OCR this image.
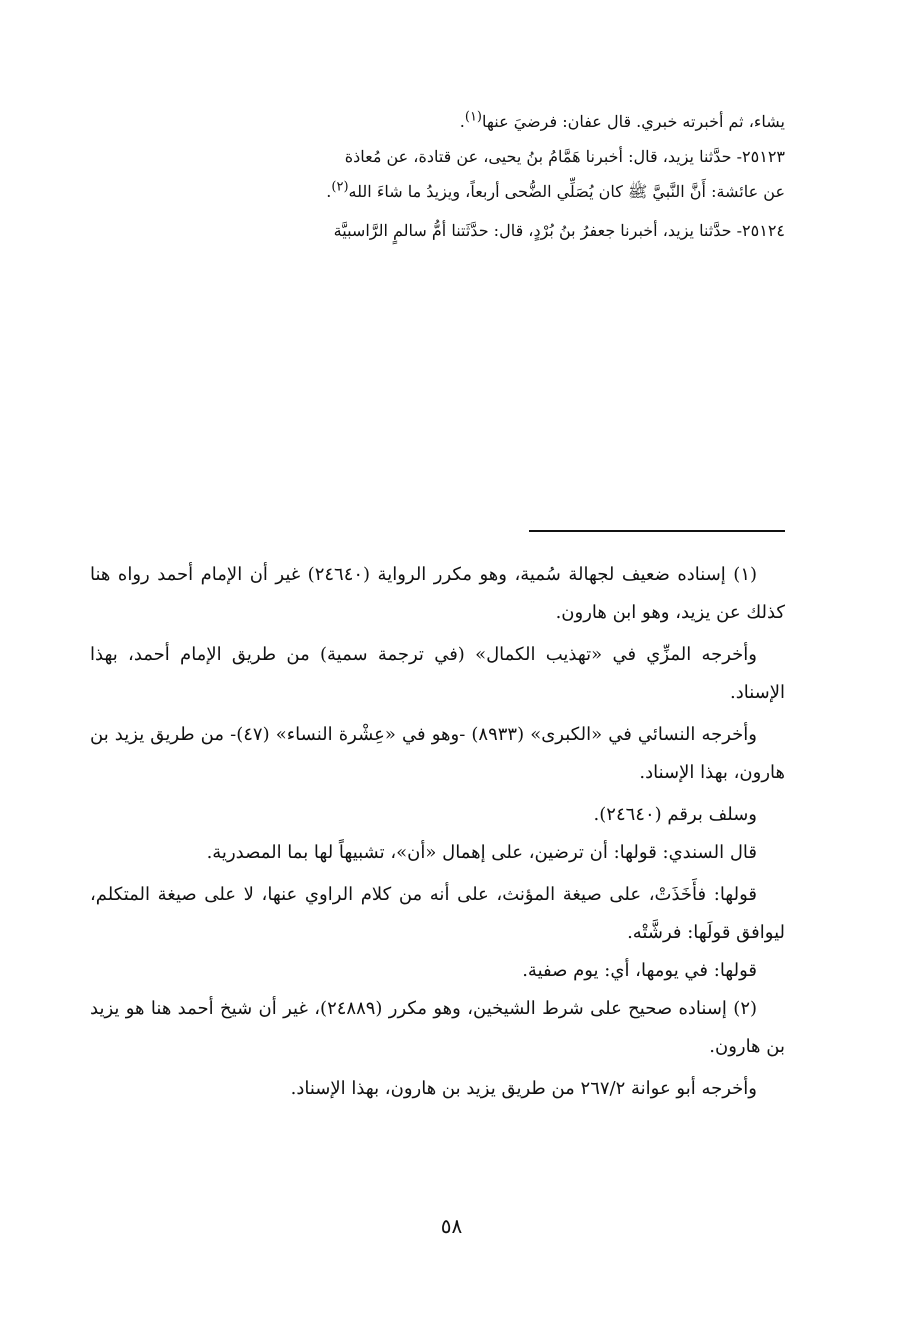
يشاء، ثم أخبرته خبري. قال عفان: فرضيَ عنها$^{(١)}$.

٢٥١٢٣- حدَّثنا يزيد، قال: أخبرنا هَمَّامُ بنُ يحيى، عن قتادة، عن مُعاذة

عن عائشة: أَنَّ النَّبيَّ ﷺ كان يُصَلِّي الضُّحى أربعاً، ويزيدُ ما شاءَ الله$^{(٢)}$.

٢٥١٢٤- حدَّثنا يزيد، أخبرنا جعفرُ بنُ بُرْدٍ، قال: حدَّثَتنا أمُّ سالمٍ الرَّاسبيَّة

(١) إسناده ضعيف لجهالة سُمية، وهو مكرر الرواية (٢٤٦٤٠) غير أن الإمام أحمد رواه هنا كذلك عن يزيد، وهو ابن هارون.

وأخرجه المزِّي في «تهذيب الكمال» (في ترجمة سمية) من طريق الإمام أحمد، بهذا الإسناد.

وأخرجه النسائي في «الكبرى» (٨٩٣٣) -وهو في «عِشْرة النساء» (٤٧)- من طريق يزيد بن هارون، بهذا الإسناد.

وسلف برقم (٢٤٦٤٠).

قال السندي: قولها: أن ترضين، على إهمال «أن»، تشبيهاً لها بما المصدرية.

قولها: فأَخَذَتْ، على صيغة المؤنث، على أنه من كلام الراوي عنها، لا على صيغة المتكلم، ليوافق قولَها: فرشَّتْه.

قولها: في يومها، أي: يوم صفية.

(٢) إسناده صحيح على شرط الشيخين، وهو مكرر (٢٤٨٨٩)، غير أن شيخ أحمد هنا هو يزيد بن هارون.

وأخرجه أبو عوانة ٢٦٧/٢ من طريق يزيد بن هارون، بهذا الإسناد.

٥٨
